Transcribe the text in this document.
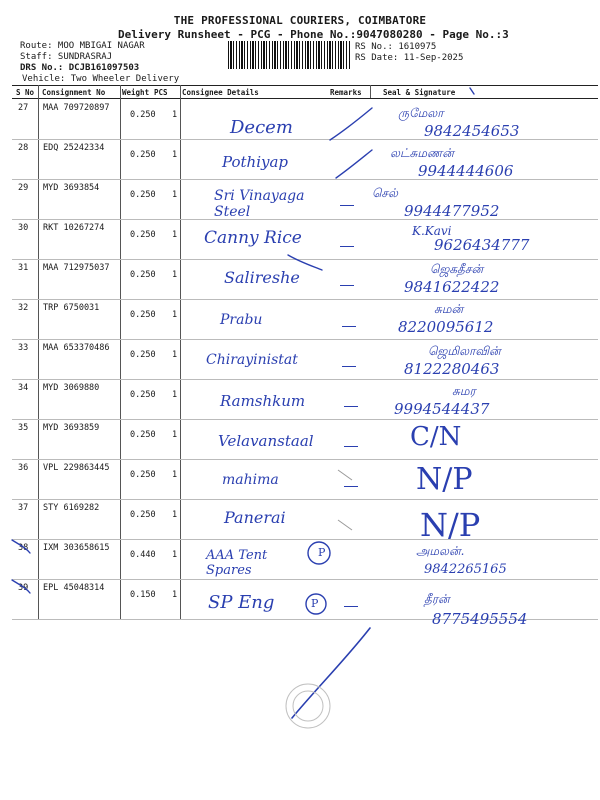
THE PROFESSIONAL COURIERS, COIMBATORE
Delivery Runsheet - PCG - Phone No.:9047080280 - Page No.:3
Route: MOO MBIGAI NAGAR
Staff: SUNDRASRAJ
DRS No.: DCJB161097503
Vehicle: Two Wheeler Delivery
RS No.: 1610975
RS Date: 11-Sep-2025
S No Consignment No Weight PCS Consignee Details	Remarks	Seal & Signature
27 MAA 709720897
0.250 1
28 EDQ 25242334
0.250 1
29 MYD 3693854
0.250 1
30 RKT 10267274
0.250 1
31 MAA 712975037
0.250 1
32 TRP 6750031
0.250 1
33 MAA 653370486
0.250 1
34 MYD 3069880
0.250 1
35 MYD 3693859
0.250 1
36 VPL 229863445
0.250 1
37 STY 6169282
0.250 1
38 IXM 303658615
0.440 1
39 EPL 45048314
0.150 1
Decem
Pothiyap
Sri Vinayaga Steel
Canny Rice
Salireshe
Prabu
Chirayinistat
Ramshkum
Velavanstaal
mahima
Panerai
AAA Tent Spares
SP Eng
ருமேலா
லட்சுமணன்
செல்
K.Kavi
ஜெகதீசன்
சுமன்
ஜெமிலாவின்
சுமர
C/N
N/P
N/P
அமலன்.
தீரன்
9842454653
9944444606
9944477952
9626434777
9841622422
8220095612
8122280463
9994544437
9842265165
8775495554
P
P
